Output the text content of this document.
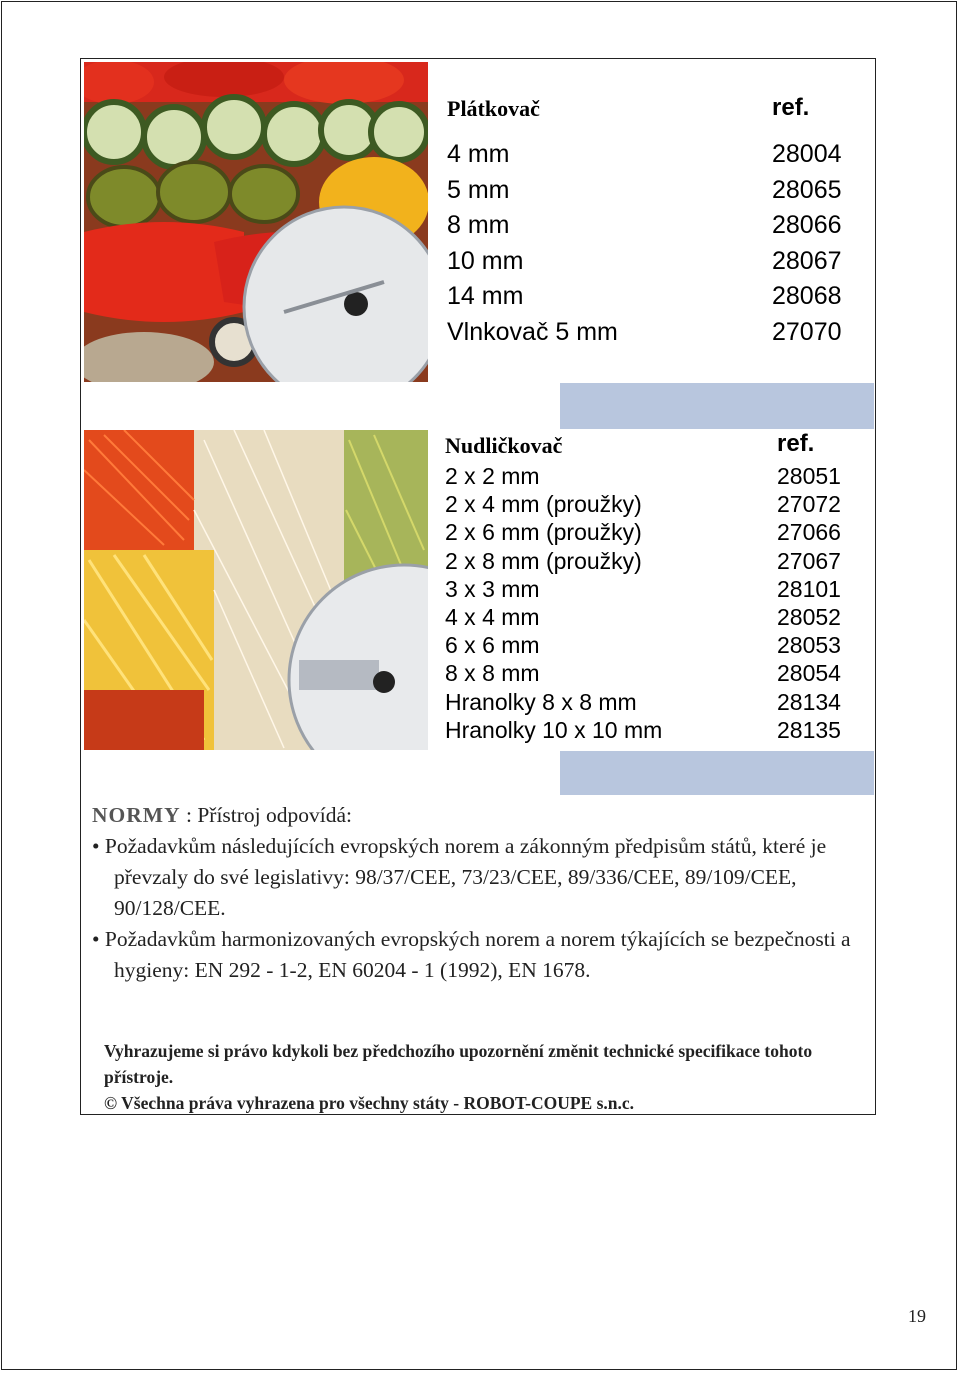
Plátkovač	ref.
4 mm	28004
5 mm	28065
8 mm	28066
10 mm	28067
14 mm	28068
Vlnkovač 5 mm	27070
Nudličkovač	ref.
2 x 2 mm	28051
2 x 4 mm (proužky)	27072
2 x 6 mm (proužky)	27066
2 x 8 mm (proužky)	27067
3 x 3 mm	28101
4 x 4 mm	28052
6 x 6 mm	28053
8 x 8 mm	28054
Hranolky 8 x 8 mm	28134
Hranolky 10 x 10 mm	28135
NORMY : Přístroj odpovídá:
• Požadavkům následujících evropských norem a zákonným předpisům států, které je převzaly do své legislativy: 98/37/CEE, 73/23/CEE, 89/336/CEE, 89/109/CEE, 90/128/CEE.
• Požadavkům harmonizovaných evropských norem a norem týkajících se bezpečnosti a hygieny: EN 292 - 1-2, EN 60204 - 1 (1992), EN 1678.
Vyhrazujeme si právo kdykoli bez předchozího upozornění změnit technické specifikace tohoto přístroje.
© Všechna práva vyhrazena pro všechny státy - ROBOT-COUPE s.n.c.
19
